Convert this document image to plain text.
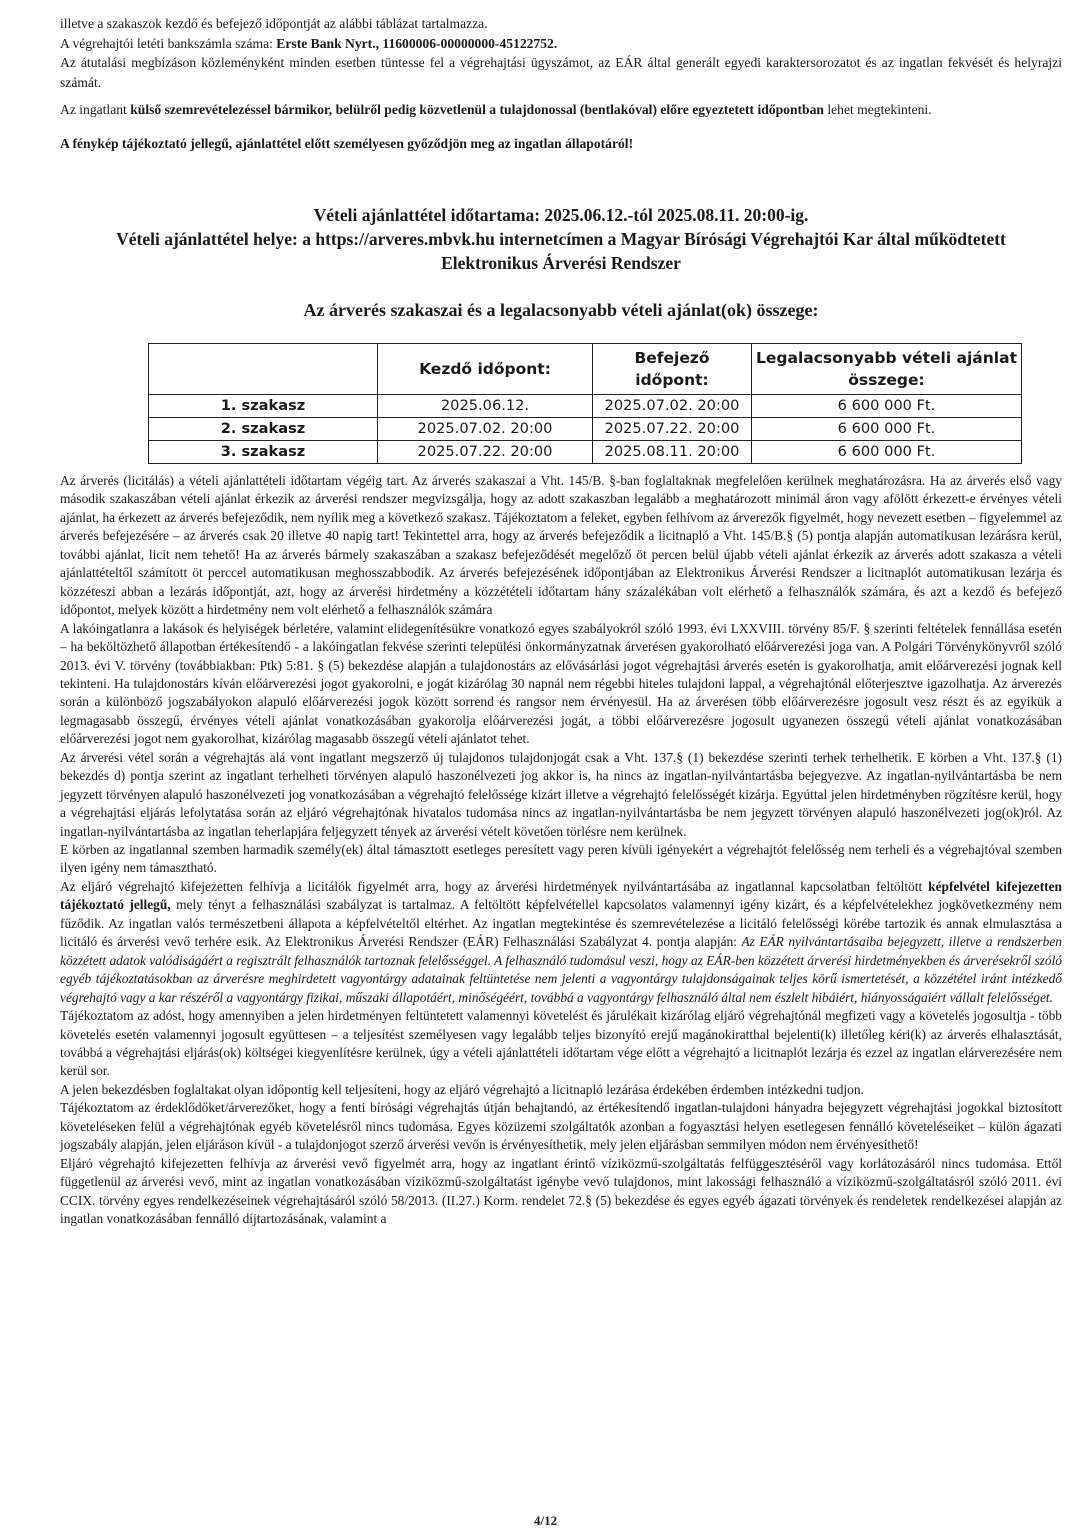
illetve a szakaszok kezdő és befejező időpontját az alábbi táblázat tartalmazza.

A végrehajtói letéti bankszámla száma: Erste Bank Nyrt., 11600006-00000000-45122752.

Az átutalási megbízáson közleményként minden esetben tüntesse fel a végrehajtási ügyszámot, az EÁR által generált egyedi karaktersorozatot és az ingatlan fekvését és helyrajzi számát.

Az ingatlant külső szemrevételezéssel bármikor, belülről pedig közvetlenül a tulajdonossal (bentlakóval) előre egyeztetett időpontban lehet megtekinteni.

A fénykép tájékoztató jellegű, ajánlattétel előtt személyesen győződjön meg az ingatlan állapotáról!

Vételi ajánlattétel időtartama: 2025.06.12.-tól 2025.08.11. 20:00-ig.

Vételi ajánlattétel helye: a https://arveres.mbvk.hu internetcímen a Magyar Bírósági Végrehajtói Kar által működtetett Elektronikus Árverési Rendszer

Az árverés szakaszai és a legalacsonyabb vételi ajánlat(ok) összege:

	Kezdő időpont:	Befejező időpont:	Legalacsonyabb vételi ajánlat összege:
1. szakasz	2025.06.12.	2025.07.02. 20:00	6 600 000 Ft.
2. szakasz	2025.07.02. 20:00	2025.07.22. 20:00	6 600 000 Ft.
3. szakasz	2025.07.22. 20:00	2025.08.11. 20:00	6 600 000 Ft.

Az árverés (licitálás) a vételi ajánlattételi időtartam végéig tart. Az árverés szakaszai a Vht. 145/B. §-ban foglaltaknak megfelelően kerülnek meghatározásra. Ha az árverés első vagy második szakaszában vételi ajánlat érkezik az árverési rendszer megvizsgálja, hogy az adott szakaszban legalább a meghatározott minimál áron vagy afölött érkezett-e érvényes vételi ajánlat, ha érkezett az árverés befejeződik, nem nyílik meg a következő szakasz. Tájékoztatom a feleket, egyben felhívom az árverezők figyelmét, hogy nevezett esetben – figyelemmel az árverés befejezésére – az árverés csak 20 illetve 40 napig tart! Tekintettel arra, hogy az árverés befejeződik a licitnapló a Vht. 145/B.§ (5) pontja alapján automatikusan lezárásra kerül, további ajánlat, licit nem tehető! Ha az árverés bármely szakaszában a szakasz befejeződését megelőző öt percen belül újabb vételi ajánlat érkezik az árverés adott szakasza a vételi ajánlattételtől számított öt perccel automatikusan meghosszabbodik. Az árverés befejezésének időpontjában az Elektronikus Árverési Rendszer a licitnaplót automatikusan lezárja és közzéteszi abban a lezárás időpontját, azt, hogy az árverési hirdetmény a közzétételi időtartam hány százalékában volt elérhető a felhasználók számára, és azt a kezdő és befejező időpontot, melyek között a hirdetmény nem volt elérhető a felhasználók számára

A lakóingatlanra a lakások és helyiségek bérletére, valamint elidegenítésükre vonatkozó egyes szabályokról szóló 1993. évi LXXVIII. törvény 85/F. § szerinti feltételek fennállása esetén – ha beköltözhető állapotban értékesítendő - a lakóingatlan fekvése szerinti települési önkormányzatnak árverésen gyakorolható előárverezési joga van. A Polgári Törvénykönyvről szóló 2013. évi V. törvény (továbbiakban: Ptk) 5:81. § (5) bekezdése alapján a tulajdonostárs az elővásárlási jogot végrehajtási árverés esetén is gyakorolhatja, amit előárverezési jognak kell tekinteni. Ha tulajdonostárs kíván előárverezési jogot gyakorolni, e jogát kizárólag 30 napnál nem régebbi hiteles tulajdoni lappal, a végrehajtónál előterjesztve igazolhatja. Az árverezés során a különböző jogszabályokon alapuló előárverezési jogok között sorrend és rangsor nem érvényesül. Ha az árverésen több előárverezésre jogosult vesz részt és az egyikük a legmagasabb összegű, érvényes vételi ajánlat vonatkozásában gyakorolja előárverezési jogát, a többi előárverezésre jogosult ugyanezen összegű vételi ajánlat vonatkozásában előárverezési jogot nem gyakorolhat, kizárólag magasabb összegű vételi ajánlatot tehet.

Az árverési vétel során a végrehajtás alá vont ingatlant megszerző új tulajdonos tulajdonjogát csak a Vht. 137.§ (1) bekezdése szerinti terhek terhelhetik. E körben a Vht. 137.§ (1) bekezdés d) pontja szerint az ingatlant terhelheti törvényen alapuló haszonélvezeti jog akkor is, ha nincs az ingatlan-nyilvántartásba bejegyezve. Az ingatlan-nyilvántartásba be nem jegyzett törvényen alapuló haszonélvezeti jog vonatkozásában a végrehajtó felelőssége kizárt illetve a végrehajtó felelősségét kizárja. Egyúttal jelen hirdetményben rögzítésre kerül, hogy a végrehajtási eljárás lefolytatása során az eljáró végrehajtónak hivatalos tudomása nincs az ingatlan-nyilvántartásba be nem jegyzett törvényen alapuló haszonélvezeti jog(ok)ról. Az ingatlan-nyilvántartásba az ingatlan teherlapjára feljegyzett tények az árverési vételt követően törlésre nem kerülnek.

E körben az ingatlannal szemben harmadik személy(ek) által támasztott esetleges peresített vagy peren kívüli igényekért a végrehajtót felelősség nem terheli és a végrehajtóval szemben ilyen igény nem támasztható.

Az eljáró végrehajtó kifejezetten felhívja a licitálók figyelmét arra, hogy az árverési hirdetmények nyilvántartásába az ingatlannal kapcsolatban feltöltött képfelvétel kifejezetten tájékoztató jellegű, mely tényt a felhasználási szabályzat is tartalmaz. A feltöltött képfelvétellel kapcsolatos valamennyi igény kizárt, és a képfelvételekhez jogkövetkezmény nem fűződik. Az ingatlan valós természetbeni állapota a képfelvételtől eltérhet. Az ingatlan megtekintése és szemrevételezése a licitáló felelősségi körébe tartozik és annak elmulasztása a licitáló és árverési vevő terhére esik. Az Elektronikus Árverési Rendszer (EÁR) Felhasználási Szabályzat 4. pontja alapján: Az EÁR nyilvántartásaiba bejegyzett, illetve a rendszerben közzétett adatok valódiságáért a regisztrált felhasználók tartoznak felelősséggel. A felhasználó tudomásul veszi, hogy az EÁR-ben közzétett árverési hirdetményekben és árverésekről szóló egyéb tájékoztatásokban az árverésre meghirdetett vagyontárgy adatainak feltüntetése nem jelenti a vagyontárgy tulajdonságainak teljes körű ismertetését, a közzététel iránt intézkedő végrehajtó vagy a kar részéről a vagyontárgy fizikai, műszaki állapotáért, minőségéért, továbbá a vagyontárgy felhasználó által nem észlelt hibáiért, hiányosságaiért vállalt felelősséget.

Tájékoztatom az adóst, hogy amennyiben a jelen hirdetményen feltüntetett valamennyi követelést és járulékait kizárólag eljáró végrehajtónál megfizeti vagy a követelés jogosultja - több követelés esetén valamennyi jogosult együttesen – a teljesítést személyesen vagy legalább teljes bizonyító erejű magánokiratthal bejelenti(k) illetőleg kéri(k) az árverés elhalasztását, továbbá a végrehajtási eljárás(ok) költségei kiegyenlítésre kerülnek, úgy a vételi ajánlattételi időtartam vége előtt a végrehajtó a licitnaplót lezárja és ezzel az ingatlan elárverezésére nem kerül sor.

A jelen bekezdésben foglaltakat olyan időpontig kell teljesíteni, hogy az eljáró végrehajtó a licitnapló lezárása érdekében érdemben intézkedni tudjon.

Tájékoztatom az érdeklődőket/árverezőket, hogy a fenti bírósági végrehajtás útján behajtandó, az értékesítendő ingatlan-tulajdoni hányadra bejegyzett végrehajtási jogokkal biztosított követeléseken felül a végrehajtónak egyéb követelésről nincs tudomása. Egyes közüzemi szolgáltatók azonban a fogyasztási helyen esetlegesen fennálló követeléseiket – külön ágazati jogszabály alapján, jelen eljáráson kívül - a tulajdonjogot szerző árverési vevőn is érvényesíthetik, mely jelen eljárásban semmilyen módon nem érvényesíthető!

Eljáró végrehajtó kifejezetten felhívja az árverési vevő figyelmét arra, hogy az ingatlant érintő víziközmű-szolgáltatás felfüggesztéséről vagy korlátozásáról nincs tudomása. Ettől függetlenül az árverési vevő, mint az ingatlan vonatkozásában víziközmű-szolgáltatást igénybe vevő tulajdonos, mint lakossági felhasználó a víziközmű-szolgáltatásról szóló 2011. évi CCIX. törvény egyes rendelkezéseinek végrehajtásáról szóló 58/2013. (II.27.) Korm. rendelet 72.§ (5) bekezdése és egyes egyéb ágazati törvények és rendeletek rendelkezései alapján az ingatlan vonatkozásában fennálló díjtartozásának, valamint a

4/12
